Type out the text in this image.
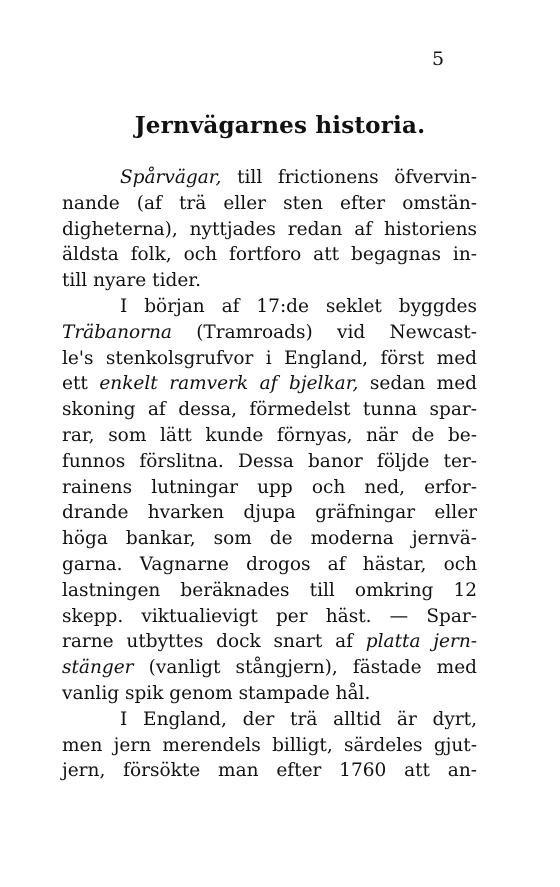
5
Jernvägarnes historia.
Spårvägar, till frictionens öfvervin-
nande (af trä eller sten efter omstän-
digheterna), nyttjades redan af historiens
äldsta folk, och fortforo att begagnas in-
till nyare tider.
I början af 17:de seklet byggdes
Träbanorna (Tramroads) vid Newcast-
le's stenkolsgrufvor i England, först med
ett enkelt ramverk af bjelkar, sedan med
skoning af dessa, förmedelst tunna spar-
rar, som lätt kunde förnyas, när de be-
funnos förslitna. Dessa banor följde ter-
rainens lutningar upp och ned, erfor-
drande hvarken djupa gräfningar eller
höga bankar, som de moderna jernvä-
garna. Vagnarne drogos af hästar, och
lastningen beräknades till omkring 12
skepp. viktualievigt per häst. — Spar-
rarne utbyttes dock snart af platta jern-
stänger (vanligt stångjern), fästade med
vanlig spik genom stampade hål.
I England, der trä alltid är dyrt,
men jern merendels billigt, särdeles gjut-
jern, försökte man efter 1760 att an-
